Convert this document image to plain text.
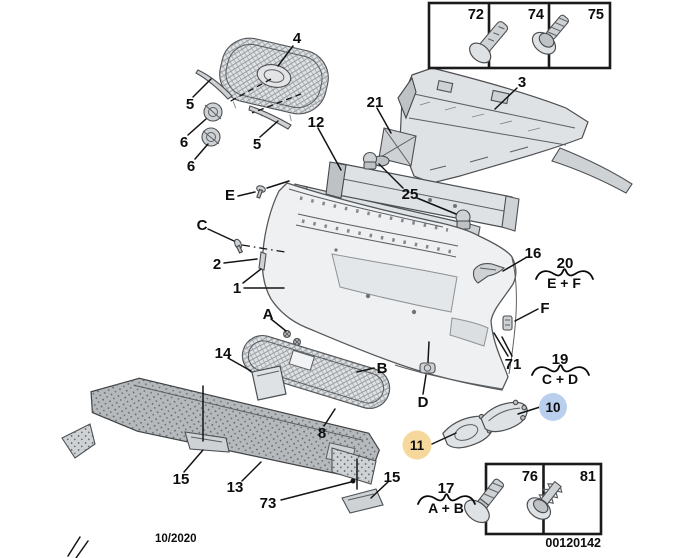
72	74	75
76	81
4
5
6
6
5
12
21
3
25
E
C
2
1
16
F
71
D
A
14
B
8
15 13
73
15
20
E + F
19
C + D
17
A + B
10
11
10/2020	00120142
